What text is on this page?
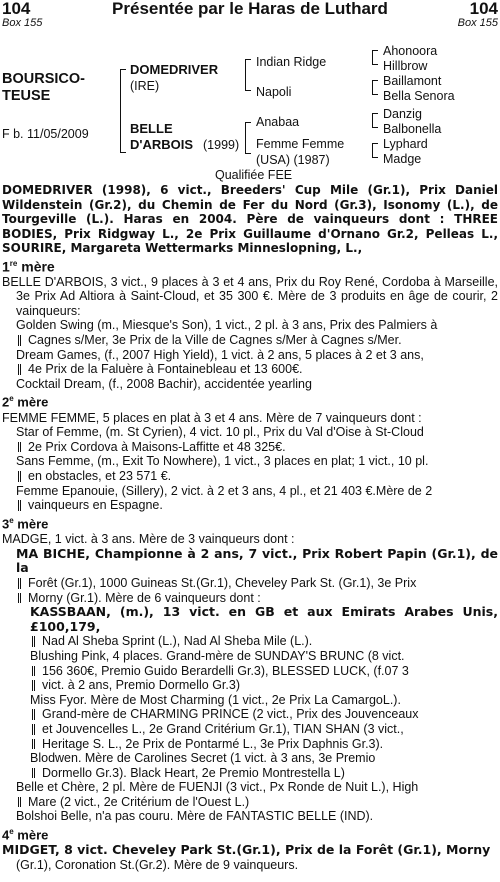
104
Box 155
Présentée par le Haras de Luthard	104
Box 155
BOURSICO-
TEUSE
F b. 11/05/2009
DOMEDRIVER
(IRE)
BELLE
D'ARBOIS (1999)
Indian Ridge
Napoli
Anabaa
Femme Femme
(USA) (1987)
Ahonoora
Hillbrow
Baillamont
Bella Senora
Danzig
Balbonella
Lyphard
Madge
Qualifiée FEE

DOMEDRIVER (1998), 6 vict., Breeders' Cup Mile (Gr.1), Prix Daniel Wildenstein (Gr.2), du Chemin de Fer du Nord (Gr.3), Isonomy (L.), de Tourgeville (L.). Haras en 2004. Père de vainqueurs dont : THREE BODIES, Prix Ridgway L., 2e Prix Guillaume d'Ornano Gr.2, Pelleas L., SOURIRE, Margareta Wettermarks Minneslopning, L.,

1re mère

BELLE D'ARBOIS, 3 vict., 9 places à 3 et 4 ans, Prix du Roy René, Cordoba à Marseille, 3e Prix Ad Altiora à Saint-Cloud, et 35 300 €. Mère de 3 produits en âge de courir, 2 vainqueurs:

Golden Swing (m., Miesque's Son), 1 vict., 2 pl. à 3 ans, Prix des Palmiers à

Cagnes s/Mer, 3e Prix de la Ville de Cagnes s/Mer à Cagnes s/Mer.

Dream Games, (f., 2007 High Yield), 1 vict. à 2 ans, 5 places à 2 et 3 ans,

4e Prix de la Faluère à Fontainebleau et 13 600€.

Cocktail Dream, (f., 2008 Bachir), accidentée yearling

2e mère

FEMME FEMME, 5 places en plat à 3 et 4 ans. Mère de 7 vainqueurs dont :

Star of Femme, (m. St Cyrien), 4 vict. 10 pl., Prix du Val d'Oise à St-Cloud

2e Prix Cordova à Maisons-Laffitte et 48 325€.

Sans Femme, (m., Exit To Nowhere), 1 vict., 3 places en plat; 1 vict., 10 pl.

en obstacles, et 23 571 €.

Femme Epanouie, (Sillery), 2 vict. à 2 et 3 ans, 4 pl., et 21 403 €.Mère de 2

vainqueurs en Espagne.

3e mère

MADGE, 1 vict. à 3 ans. Mère de 3 vainqueurs dont :

MA BICHE, Championne à 2 ans, 7 vict., Prix Robert Papin (Gr.1), de la

Forêt (Gr.1), 1000 Guineas St.(Gr.1), Cheveley Park St. (Gr.1), 3e Prix

Morny (Gr.1). Mère de 6 vainqueurs dont :

KASSBAAN, (m.), 13 vict. en GB et aux Emirats Arabes Unis, £100,179,

Nad Al Sheba Sprint (L.), Nad Al Sheba Mile (L.).

Blushing Pink, 4 places. Grand-mère de SUNDAY'S BRUNC (8 vict.

156 360€, Premio Guido Berardelli Gr.3), BLESSED LUCK, (f.07 3

vict. à 2 ans, Premio Dormello Gr.3)

Miss Fyor. Mère de Most Charming (1 vict., 2e Prix La CamargoL.).

Grand-mère de CHARMING PRINCE (2 vict., Prix des Jouvenceaux

et Jouvencelles L., 2e Grand Critérium Gr.1), TIAN SHAN (3 vict.,

Heritage S. L., 2e Prix de Pontarmé L., 3e Prix Daphnis Gr.3).

Blodwen. Mère de Carolines Secret (1 vict. à 3 ans, 3e Premio

Dormello Gr.3). Black Heart, 2e Premio Montrestella L)

Belle et Chère, 2 pl. Mère de FUENJI (3 vict., Px Ronde de Nuit L.), High

Mare (2 vict., 2e Critérium de l'Ouest L.)

Bolshoi Belle, n'a pas couru. Mère de FANTASTIC BELLE (IND).

4e mère

MIDGET, 8 vict. Cheveley Park St.(Gr.1), Prix de la Forêt (Gr.1), Morny

(Gr.1), Coronation St.(Gr.2). Mère de 9 vainqueurs.
